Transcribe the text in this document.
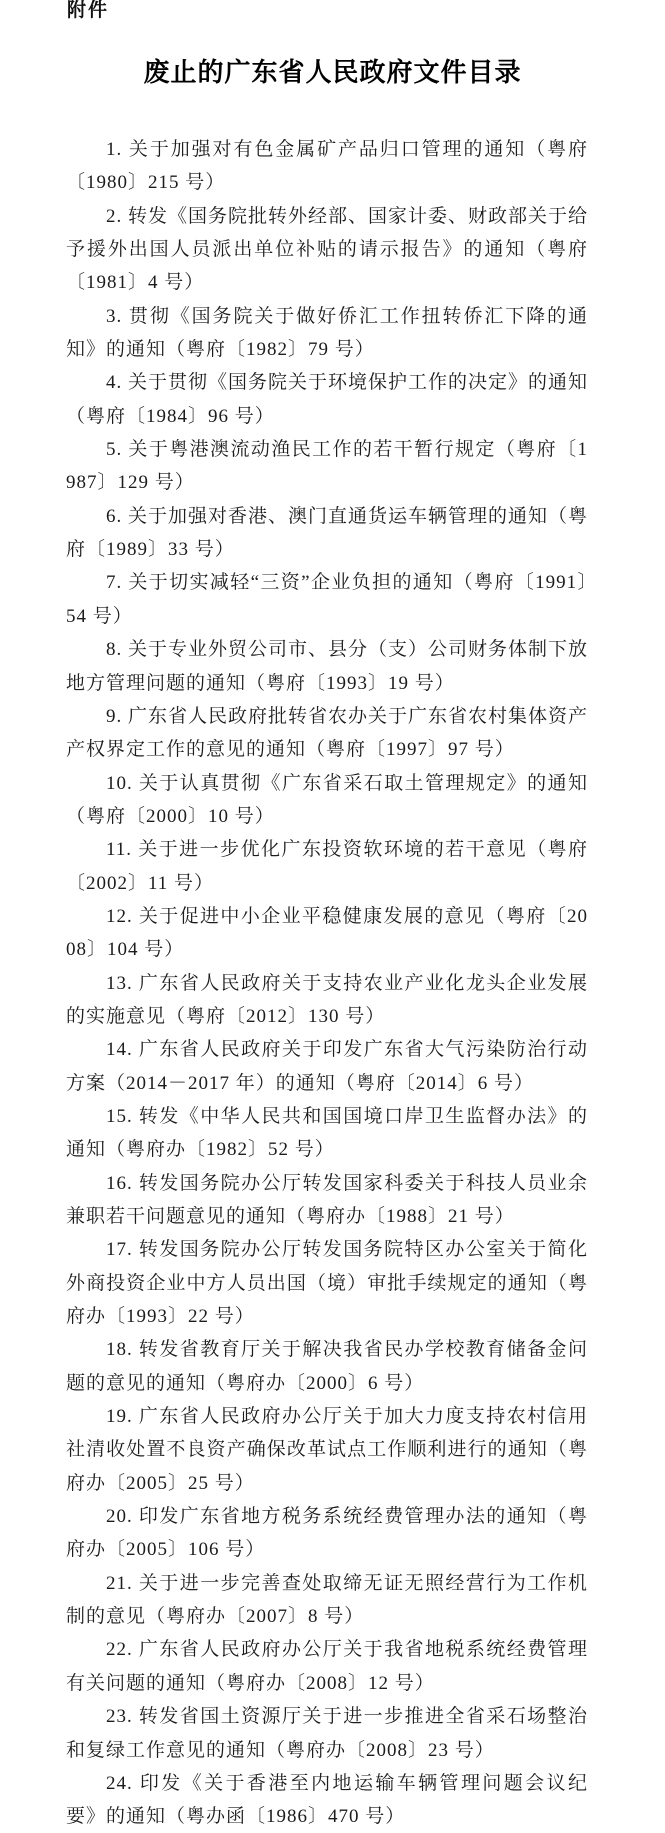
附件
废止的广东省人民政府文件目录

1. 关于加强对有色金属矿产品归口管理的通知（粤府〔1980〕215 号）

2. 转发《国务院批转外经部、国家计委、财政部关于给予援外出国人员派出单位补贴的请示报告》的通知（粤府〔1981〕4 号）

3. 贯彻《国务院关于做好侨汇工作扭转侨汇下降的通知》的通知（粤府〔1982〕79 号）

4. 关于贯彻《国务院关于环境保护工作的决定》的通知（粤府〔1984〕96 号）

5. 关于粤港澳流动渔民工作的若干暂行规定（粤府〔1987〕129 号）

6. 关于加强对香港、澳门直通货运车辆管理的通知（粤府〔1989〕33 号）

7. 关于切实减轻“三资”企业负担的通知（粤府〔1991〕54 号）

8. 关于专业外贸公司市、县分（支）公司财务体制下放地方管理问题的通知（粤府〔1993〕19 号）

9. 广东省人民政府批转省农办关于广东省农村集体资产产权界定工作的意见的通知（粤府〔1997〕97 号）

10. 关于认真贯彻《广东省采石取土管理规定》的通知（粤府〔2000〕10 号）

11. 关于进一步优化广东投资软环境的若干意见（粤府〔2002〕11 号）

12. 关于促进中小企业平稳健康发展的意见（粤府〔2008〕104 号）

13. 广东省人民政府关于支持农业产业化龙头企业发展的实施意见（粤府〔2012〕130 号）

14. 广东省人民政府关于印发广东省大气污染防治行动方案（2014－2017 年）的通知（粤府〔2014〕6 号）

15. 转发《中华人民共和国国境口岸卫生监督办法》的通知（粤府办〔1982〕52 号）

16. 转发国务院办公厅转发国家科委关于科技人员业余兼职若干问题意见的通知（粤府办〔1988〕21 号）

17. 转发国务院办公厅转发国务院特区办公室关于简化外商投资企业中方人员出国（境）审批手续规定的通知（粤府办〔1993〕22 号）

18. 转发省教育厅关于解决我省民办学校教育储备金问题的意见的通知（粤府办〔2000〕6 号）

19. 广东省人民政府办公厅关于加大力度支持农村信用社清收处置不良资产确保改革试点工作顺利进行的通知（粤府办〔2005〕25 号）

20. 印发广东省地方税务系统经费管理办法的通知（粤府办〔2005〕106 号）

21. 关于进一步完善查处取缔无证无照经营行为工作机制的意见（粤府办〔2007〕8 号）

22. 广东省人民政府办公厅关于我省地税系统经费管理有关问题的通知（粤府办〔2008〕12 号）

23. 转发省国土资源厅关于进一步推进全省采石场整治和复绿工作意见的通知（粤府办〔2008〕23 号）

24. 印发《关于香港至内地运输车辆管理问题会议纪要》的通知（粤办函〔1986〕470 号）
